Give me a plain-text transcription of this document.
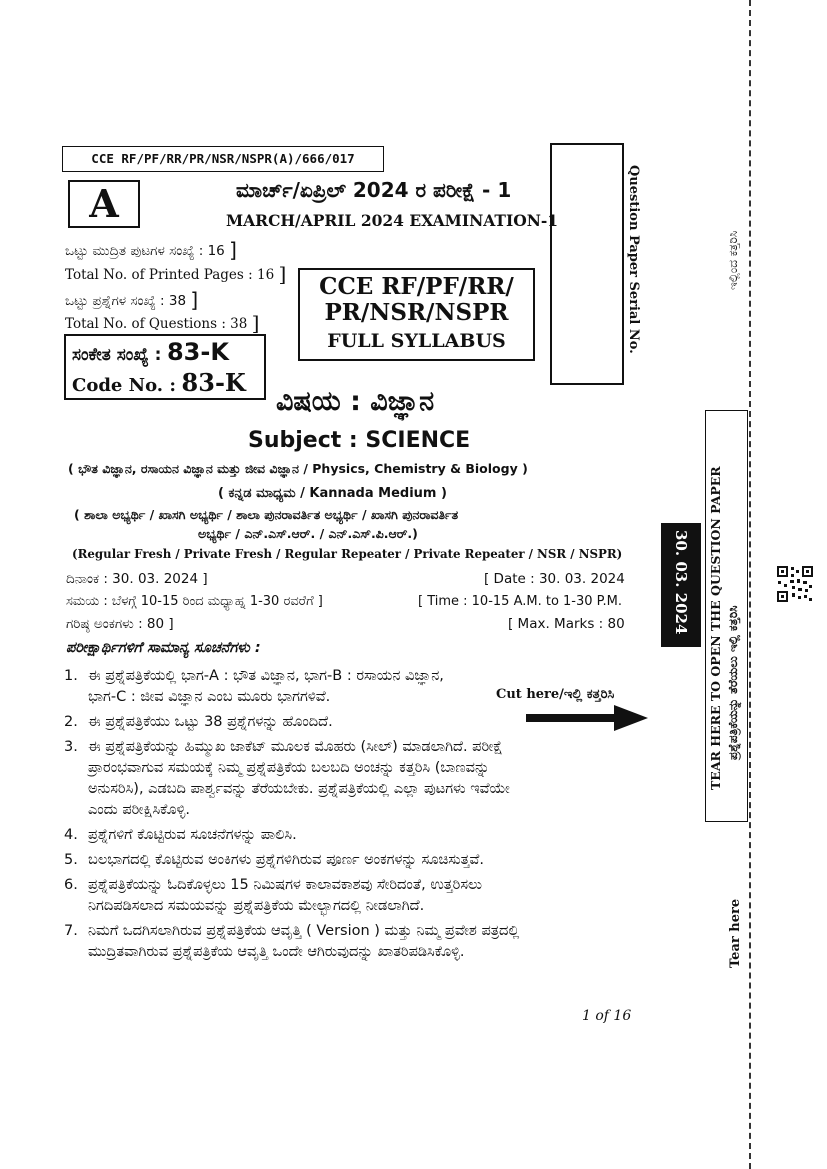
CCE RF/PF/RR/PR/NSR/NSPR(A)/666/017
A	ಮಾರ್ಚ್/ಏಪ್ರಿಲ್ 2024 ರ ಪರೀಕ್ಷೆ - 1
MARCH/APRIL 2024 EXAMINATION-1
ಒಟ್ಟು ಮುದ್ರಿತ ಪುಟಗಳ ಸಂಖ್ಯೆ : 16 ]
Total No. of Printed Pages : 16 ]
ಒಟ್ಟು ಪ್ರಶ್ನೆಗಳ ಸಂಖ್ಯೆ : 38 ]
Total No. of Questions : 38 ]
ಸಂಕೇತ ಸಂಖ್ಯೆ : 83-K
Code No. : 83-K
CCE RF/PF/RR/
PR/NSR/NSPR
FULL SYLLABUS	Question Paper Serial No.
ವಿಷಯ : ವಿಜ್ಞಾನ
Subject : SCIENCE
( ಭೌತ ವಿಜ್ಞಾನ, ರಸಾಯನ ವಿಜ್ಞಾನ ಮತ್ತು ಜೀವ ವಿಜ್ಞಾನ / Physics, Chemistry & Biology )
( ಕನ್ನಡ ಮಾಧ್ಯಮ / Kannada Medium )
( ಶಾಲಾ ಅಭ್ಯರ್ಥಿ / ಖಾಸಗಿ ಅಭ್ಯರ್ಥಿ / ಶಾಲಾ ಪುನರಾವರ್ತಿತ ಅಭ್ಯರ್ಥಿ / ಖಾಸಗಿ ಪುನರಾವರ್ತಿತ
ಅಭ್ಯರ್ಥಿ / ಎನ್.ಎಸ್.ಆರ್. / ಎನ್.ಎಸ್.ಪಿ.ಆರ್.)
(Regular Fresh / Private Fresh / Regular Repeater / Private Repeater / NSR / NSPR)
ದಿನಾಂಕ : 30. 03. 2024 ]	[ Date : 30. 03. 2024
ಸಮಯ : ಬೆಳಗ್ಗೆ 10-15 ರಿಂದ ಮಧ್ಯಾಹ್ನ 1-30 ರವರೆಗೆ ]	[ Time : 10-15 A.M. to 1-30 P.M.
ಗರಿಷ್ಠ ಅಂಕಗಳು : 80 ]	[ Max. Marks : 80
ಪರೀಕ್ಷಾರ್ಥಿಗಳಿಗೆ ಸಾಮಾನ್ಯ ಸೂಚನೆಗಳು :
Cut here/ಇಲ್ಲಿ ಕತ್ತರಿಸಿ
1. ಈ ಪ್ರಶ್ನೆಪತ್ರಿಕೆಯಲ್ಲಿ ಭಾಗ-A : ಭೌತ ವಿಜ್ಞಾನ, ಭಾಗ-B : ರಸಾಯನ ವಿಜ್ಞಾನ,
ಭಾಗ-C : ಜೀವ ವಿಜ್ಞಾನ ಎಂಬ ಮೂರು ಭಾಗಗಳಿವೆ.
2. ಈ ಪ್ರಶ್ನೆಪತ್ರಿಕೆಯು ಒಟ್ಟು 38 ಪ್ರಶ್ನೆಗಳನ್ನು ಹೊಂದಿದೆ.
3. ಈ ಪ್ರಶ್ನೆಪತ್ರಿಕೆಯನ್ನು ಹಿಮ್ಮುಖ ಜಾಕೆಟ್ ಮೂಲಕ ಮೊಹರು (ಸೀಲ್) ಮಾಡಲಾಗಿದೆ. ಪರೀಕ್ಷೆ
ಪ್ರಾರಂಭವಾಗುವ ಸಮಯಕ್ಕೆ ನಿಮ್ಮ ಪ್ರಶ್ನೆಪತ್ರಿಕೆಯ ಬಲಬದಿ ಅಂಚನ್ನು ಕತ್ತರಿಸಿ (ಬಾಣವನ್ನು
ಅನುಸರಿಸಿ), ಎಡಬದಿ ಪಾರ್ಶ್ವವನ್ನು ತೆರೆಯಬೇಕು. ಪ್ರಶ್ನೆಪತ್ರಿಕೆಯಲ್ಲಿ ಎಲ್ಲಾ ಪುಟಗಳು ಇವೆಯೇ
ಎಂದು ಪರೀಕ್ಷಿಸಿಕೊಳ್ಳಿ.
4. ಪ್ರಶ್ನೆಗಳಿಗೆ ಕೊಟ್ಟಿರುವ ಸೂಚನೆಗಳನ್ನು ಪಾಲಿಸಿ.
5. ಬಲಭಾಗದಲ್ಲಿ ಕೊಟ್ಟಿರುವ ಅಂಕಿಗಳು ಪ್ರಶ್ನೆಗಳಿಗಿರುವ ಪೂರ್ಣ ಅಂಕಗಳನ್ನು ಸೂಚಿಸುತ್ತವೆ.
6. ಪ್ರಶ್ನೆಪತ್ರಿಕೆಯನ್ನು ಓದಿಕೊಳ್ಳಲು 15 ನಿಮಿಷಗಳ ಕಾಲಾವಕಾಶವು ಸೇರಿದಂತೆ, ಉತ್ತರಿಸಲು
ನಿಗದಿಪಡಿಸಲಾದ ಸಮಯವನ್ನು ಪ್ರಶ್ನೆಪತ್ರಿಕೆಯ ಮೇಲ್ಭಾಗದಲ್ಲಿ ನೀಡಲಾಗಿದೆ.
7. ನಿಮಗೆ ಒದಗಿಸಲಾಗಿರುವ ಪ್ರಶ್ನೆಪತ್ರಿಕೆಯ ಆವೃತ್ತಿ ( Version ) ಮತ್ತು ನಿಮ್ಮ ಪ್ರವೇಶ ಪತ್ರದಲ್ಲಿ
ಮುದ್ರಿತವಾಗಿರುವ ಪ್ರಶ್ನೆಪತ್ರಿಕೆಯ ಆವೃತ್ತಿ ಒಂದೇ ಆಗಿರುವುದನ್ನು ಖಾತರಿಪಡಿಸಿಕೊಳ್ಳಿ.
1 of 16
TEAR HERE TO OPEN THE QUESTION PAPER ಪ್ರಶ್ನೆಪತ್ರಿಕೆಯನ್ನು ತೆರೆಯಲು ಇಲ್ಲಿ ಕತ್ತರಿಸಿ
30. 03. 2024
ಇಲ್ಲಿಂದ ಕತ್ತರಿಸಿ
Tear here
